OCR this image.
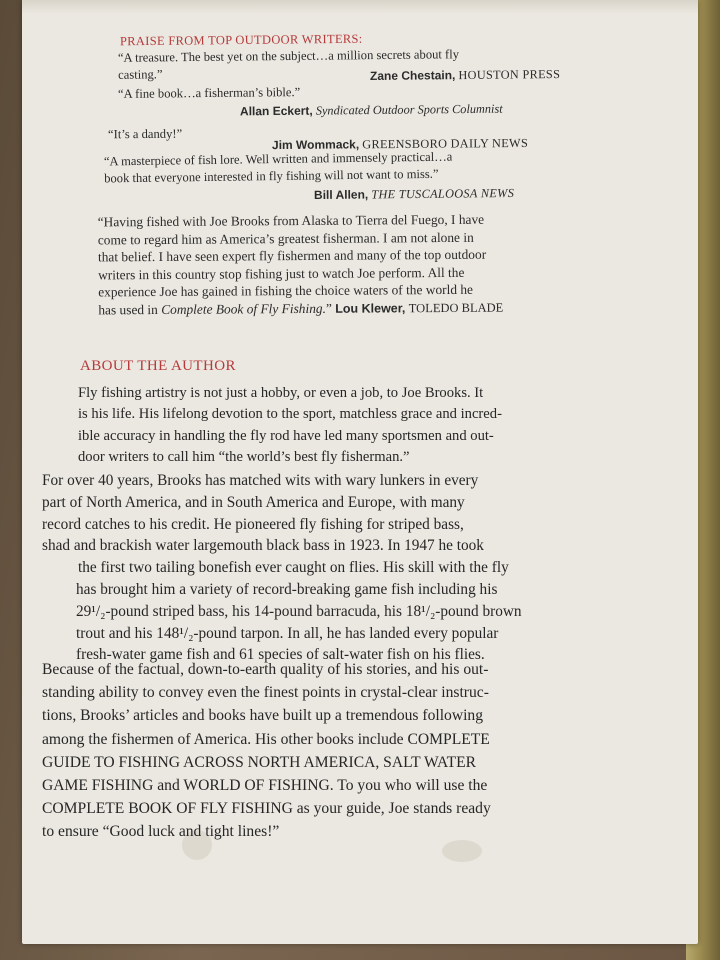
PRAISE FROM TOP OUTDOOR WRITERS:
“A treasure. The best yet on the subject…a million secrets about fly
casting.”	Zane Chestain, HOUSTON PRESS
“A fine book…a fisherman’s bible.”
Allan Eckert, Syndicated Outdoor Sports Columnist
“It’s a dandy!”
Jim Wommack, GREENSBORO DAILY NEWS
“A masterpiece of fish lore. Well written and immensely practical…a
book that everyone interested in fly fishing will not want to miss.”
Bill Allen, THE TUSCALOOSA NEWS
“Having fished with Joe Brooks from Alaska to Tierra del Fuego, I have
come to regard him as America’s greatest fisherman. I am not alone in
that belief. I have seen expert fly fishermen and many of the top outdoor
writers in this country stop fishing just to watch Joe perform. All the
experience Joe has gained in fishing the choice waters of the world he
has used in Complete Book of Fly Fishing.” Lou Klewer, TOLEDO BLADE
ABOUT THE AUTHOR
Fly fishing artistry is not just a hobby, or even a job, to Joe Brooks. It
is his life. His lifelong devotion to the sport, matchless grace and incred-
ible accuracy in handling the fly rod have led many sportsmen and out-
door writers to call him “the world’s best fly fisherman.”
For over 40 years, Brooks has matched wits with wary lunkers in every
part of North America, and in South America and Europe, with many
record catches to his credit. He pioneered fly fishing for striped bass,
shad and brackish water largemouth black bass in 1923. In 1947 he took
the first two tailing bonefish ever caught on flies. His skill with the fly
has brought him a variety of record-breaking game fish including his
29¹/₂-pound striped bass, his 14-pound barracuda, his 18¹/₂-pound brown
trout and his 148¹/₂-pound tarpon. In all, he has landed every popular
fresh-water game fish and 61 species of salt-water fish on his flies.
Because of the factual, down-to-earth quality of his stories, and his out-
standing ability to convey even the finest points in crystal-clear instruc-
tions, Brooks’ articles and books have built up a tremendous following
among the fishermen of America. His other books include COMPLETE
GUIDE TO FISHING ACROSS NORTH AMERICA, SALT WATER
GAME FISHING and WORLD OF FISHING. To you who will use the
COMPLETE BOOK OF FLY FISHING as your guide, Joe stands ready
to ensure “Good luck and tight lines!”
